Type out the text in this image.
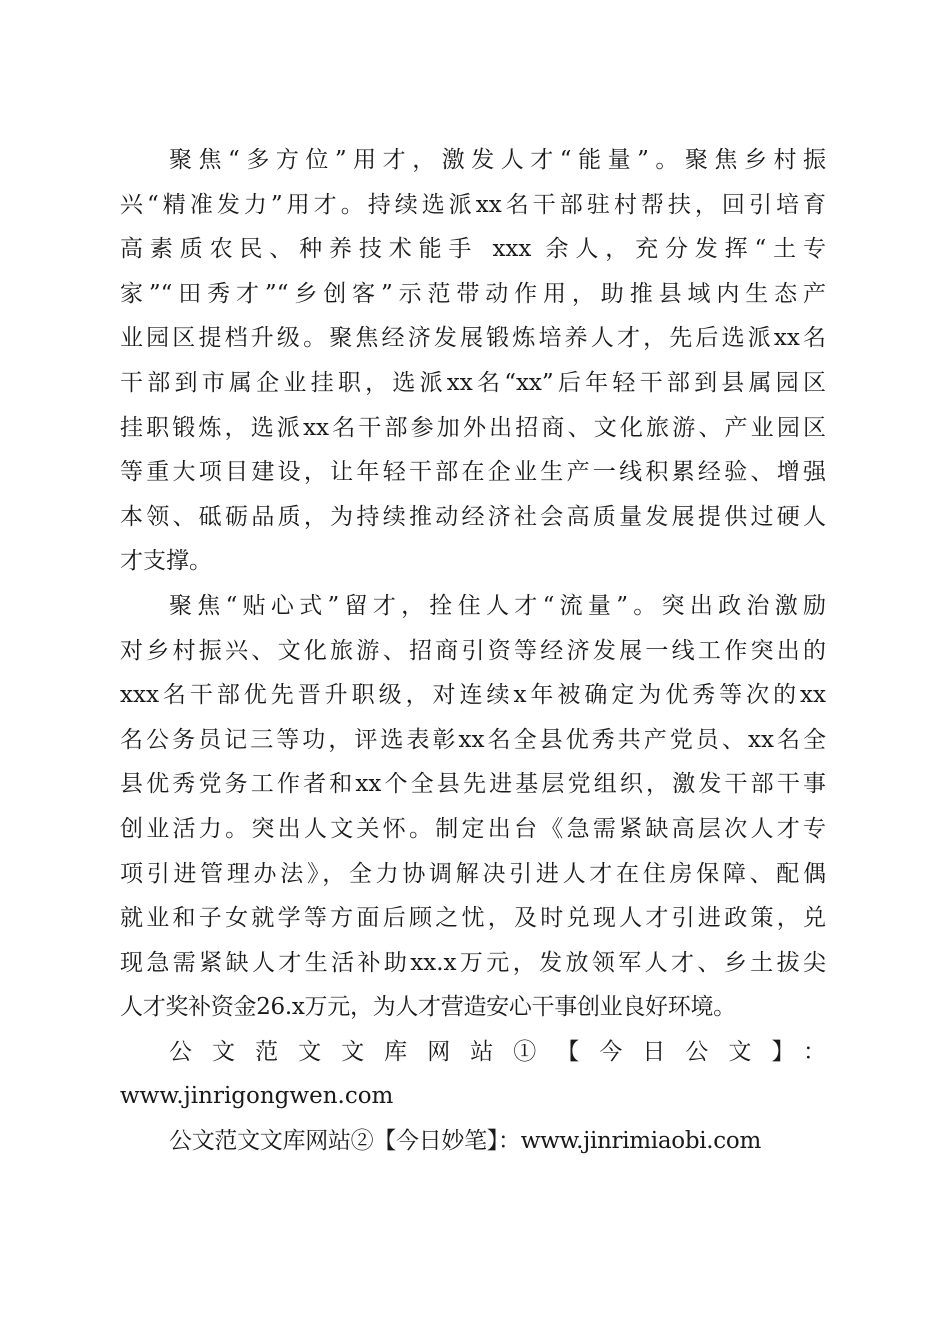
聚焦“多方位”用才，激发人才“能量”。聚焦乡村振
兴“精准发力”用才。持续选派xx名干部驻村帮扶，回引培育
高素质农民、种养技术能手 xxx 余人，充分发挥“土专
家”“田秀才”“乡创客”示范带动作用，助推县域内生态产
业园区提档升级。聚焦经济发展锻炼培养人才，先后选派xx名
干部到市属企业挂职，选派xx名“xx”后年轻干部到县属园区
挂职锻炼，选派xx名干部参加外出招商、文化旅游、产业园区
等重大项目建设，让年轻干部在企业生产一线积累经验、增强
本领、砥砺品质，为持续推动经济社会高质量发展提供过硬人
才支撑。
聚焦“贴心式”留才，拴住人才“流量”。突出政治激励
对乡村振兴、文化旅游、招商引资等经济发展一线工作突出的
xxx名干部优先晋升职级，对连续x年被确定为优秀等次的xx
名公务员记三等功，评选表彰xx名全县优秀共产党员、xx名全
县优秀党务工作者和xx个全县先进基层党组织，激发干部干事
创业活力。突出人文关怀。制定出台《急需紧缺高层次人才专
项引进管理办法》，全力协调解决引进人才在住房保障、配偶
就业和子女就学等方面后顾之忧，及时兑现人才引进政策，兑
现急需紧缺人才生活补助xx.x万元，发放领军人才、乡土拔尖
人才奖补资金26.x万元，为人才营造安心干事创业良好环境。
公文范文文库网站①【今日公文】：
www.jinrigongwen.com
公文范文文库网站②【今日妙笔】：www.jinrimiaobi.com
